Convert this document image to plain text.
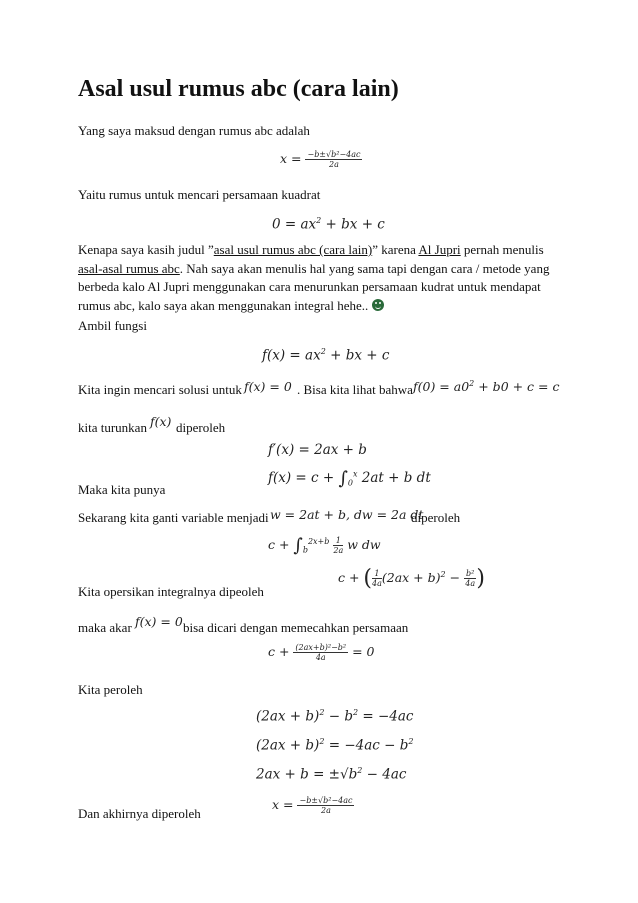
Asal usul rumus abc (cara lain)
Yang saya maksud dengan rumus abc adalah
$x = \frac{\text{−b±√b²−4ac}}{2a}$
Yaitu rumus untuk mencari persamaan kuadrat
$0 = ax^2$ + bx + c
Kenapa saya kasih judul ”asal usul rumus abc (cara lain)” karena Al Jupri pernah menulis asal-asal rumus abc. Nah saya akan menulis hal yang sama tapi dengan cara / metode yang berbeda kalo Al Jupri menggunakan cara menurunkan persamaan kudrat untuk mendapat rumus abc, kalo saya akan menggunakan integral hehe..
Ambil fungsi
$f(x) = ax^2$ + bx + c
Kita ingin mencari solusi untuk f(x) = 0 . Bisa kita lihat bahwa $f(0) = a0^2 + b0 + c = c$
kita turunkan f(x) diperoleh
f′(x) = 2ax + b
Maka kita punya
$f(x) = c + \int_0^x$ 2at + b dt
Sekarang kita ganti variable menjadi w = 2at + b, dw = 2a dt
diperoleh
$c + \int_b^{2x+b} \frac{1}{2a}$ w dw
Kita opersikan integralnya dipeoleh
c + ( $\frac{1}{4a} (2ax + b)^2 - \frac{\text{b²}}{4a}$ )
maka akar f(x) = 0 bisa dicari dengan memecahkan persamaan
$c + \frac{\text{(2ax+b)²−b²}}{4a} = 0$
Kita peroleh
$(2ax + b)^2 - b^2 = -4ac$
$(2ax + b)^2 = -4ac - b^2$
$2ax + b = \pm√b^2 - 4ac$
Dan akhirnya diperoleh
$x = \frac{\text{−b±√b²−4ac}}{2a}$
